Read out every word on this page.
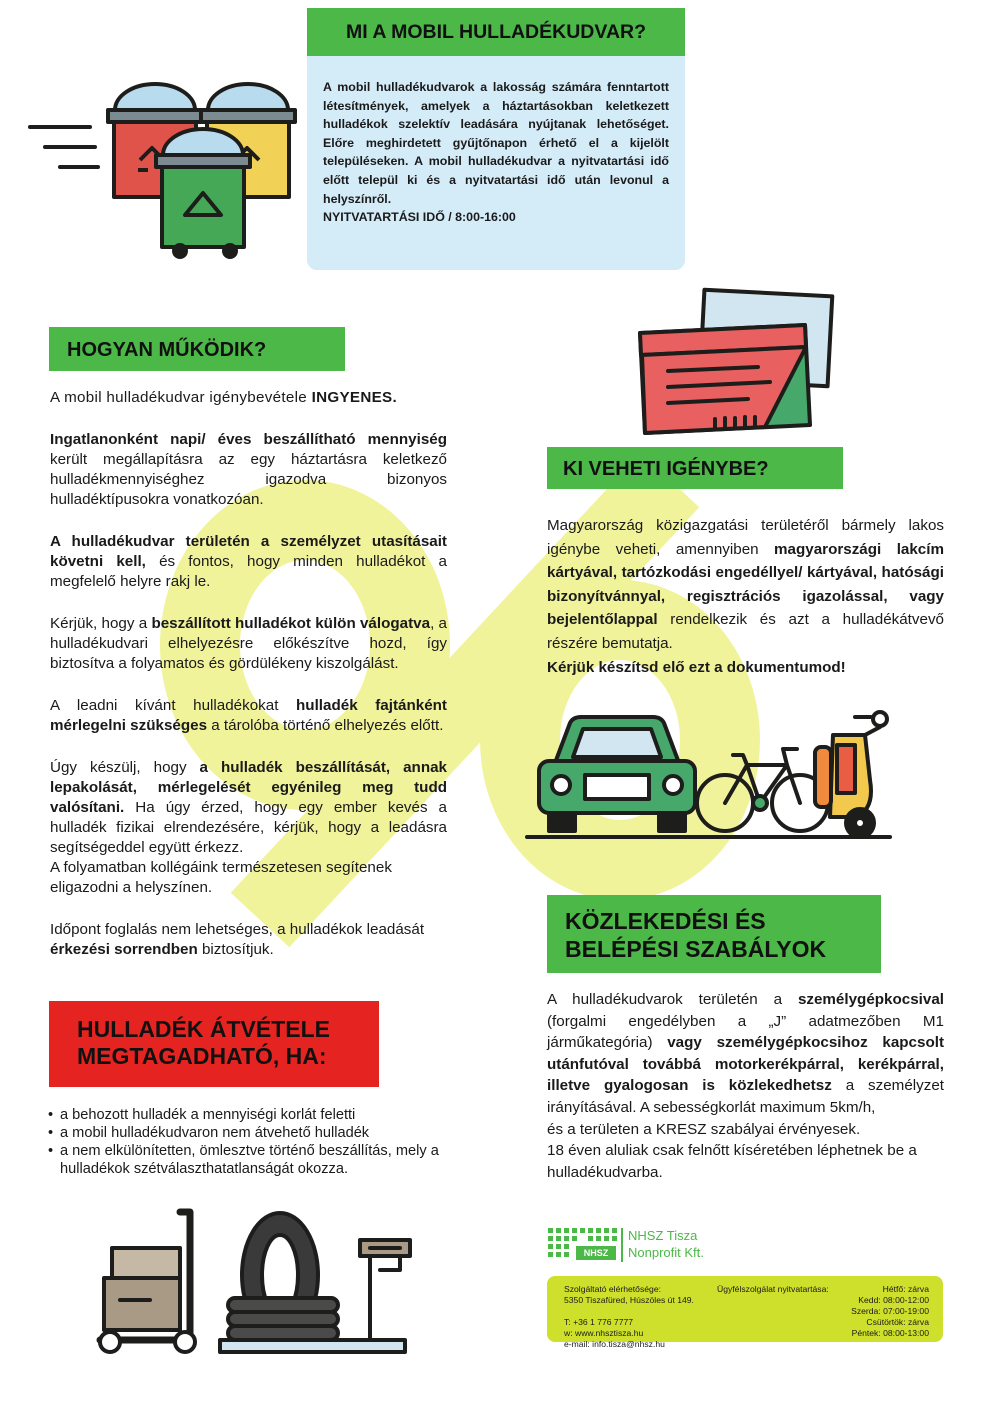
MI A MOBIL HULLADÉKUDVAR?

A mobil hulladékudvarok a lakosság számára fenntartott létesítmények, amelyek a háztartásokban keletkezett hulladékok szelektív leadására nyújtanak lehetőséget. Előre meghirdetett gyűjtőnapon érhető el a kijelölt településeken. A mobil hulladékudvar a nyitvatartási idő előtt települ ki és a nyitvatartási idő után levonul a helyszínről.

NYITVATARTÁSI IDŐ / 8:00-16:00

HOGYAN MŰKÖDIK?

A mobil hulladékudvar igénybevétele INGYENES.

Ingatlanonként napi/ éves beszállítható mennyiség került megállapításra az egy háztartásra keletkező hulladékmennyiséghez igazodva bizonyos hulladéktípusokra vonatkozóan.

A hulladékudvar területén a személyzet utasításait követni kell, és fontos, hogy minden hulladékot a megfelelő helyre rakj le.

Kérjük, hogy a beszállított hulladékot külön válogatva, a hulladékudvari elhelyezésre előkészítve hozd, így biztosítva a folyamatos és gördülékeny kiszolgálást.

A leadni kívánt hulladékokat hulladék fajtánként mérlegelni szükséges a tárolóba történő elhelyezés előtt.

Úgy készülj, hogy a hulladék beszállítását, annak lepakolását, mérlegelését egyénileg meg tudd valósítani. Ha úgy érzed, hogy egy ember kevés a hulladék fizikai elrendezésére, kérjük, hogy a leadásra segítségeddel együtt érkezz.

A folyamatban kollégáink természetesen segítenek eligazodni a helyszínen.

Időpont foglalás nem lehetséges, a hulladékok leadását érkezési sorrendben biztosítjuk.

KI VEHETI IGÉNYBE?

Magyarország közigazgatási területéről bármely lakos igénybe veheti, amennyiben magyarországi lakcím kártyával, tartózkodási engedéllyel/ kártyával, hatósági bizonyítvánnyal, regisztrációs igazolással, vagy bejelentőlappal rendelkezik és azt a hulladékátvevő részére bemutatja.

Kérjük készítsd elő ezt a dokumentumod!

KÖZLEKEDÉSI ÉS
BELÉPÉSI SZABÁLYOK

A hulladékudvarok területén a személygépkocsival (forgalmi engedélyben a „J” adatmezőben M1 járműkategória) vagy személygépkocsihoz kapcsolt utánfutóval továbbá motorkerékpárral, kerékpárral, illetve gyalogosan is közlekedhetsz a személyzet irányításával. A sebességkorlát maximum 5km/h,

és a területen a KRESZ szabályai érvényesek.

18 éven aluliak csak felnőtt kíséretében léphetnek be a hulladékudvarba.

HULLADÉK ÁTVÉTELE
MEGTAGADHATÓ, HA:
• a behozott hulladék a mennyiségi korlát feletti
• a mobil hulladékudvaron nem átvehető hulladék
• a nem elkülönítetten, ömlesztve történő beszállítás, mely a hulladékok szétválaszthatatlanságát okozza.
NHSZ
NHSZ Tisza
Nonprofit Kft.
Szolgáltató elérhetősége:
5350 Tiszafüred, Húszöles út 149.
T: +36 1 776 7777
w: www.nhsztisza.hu
e-mail: info.tisza@nhsz.hu
Ügyfélszolgálat nyitvatartása:	Hétfő: zárva
Kedd: 08:00-12:00
Szerda: 07:00-19:00
Csütörtök: zárva
Péntek: 08:00-13:00
